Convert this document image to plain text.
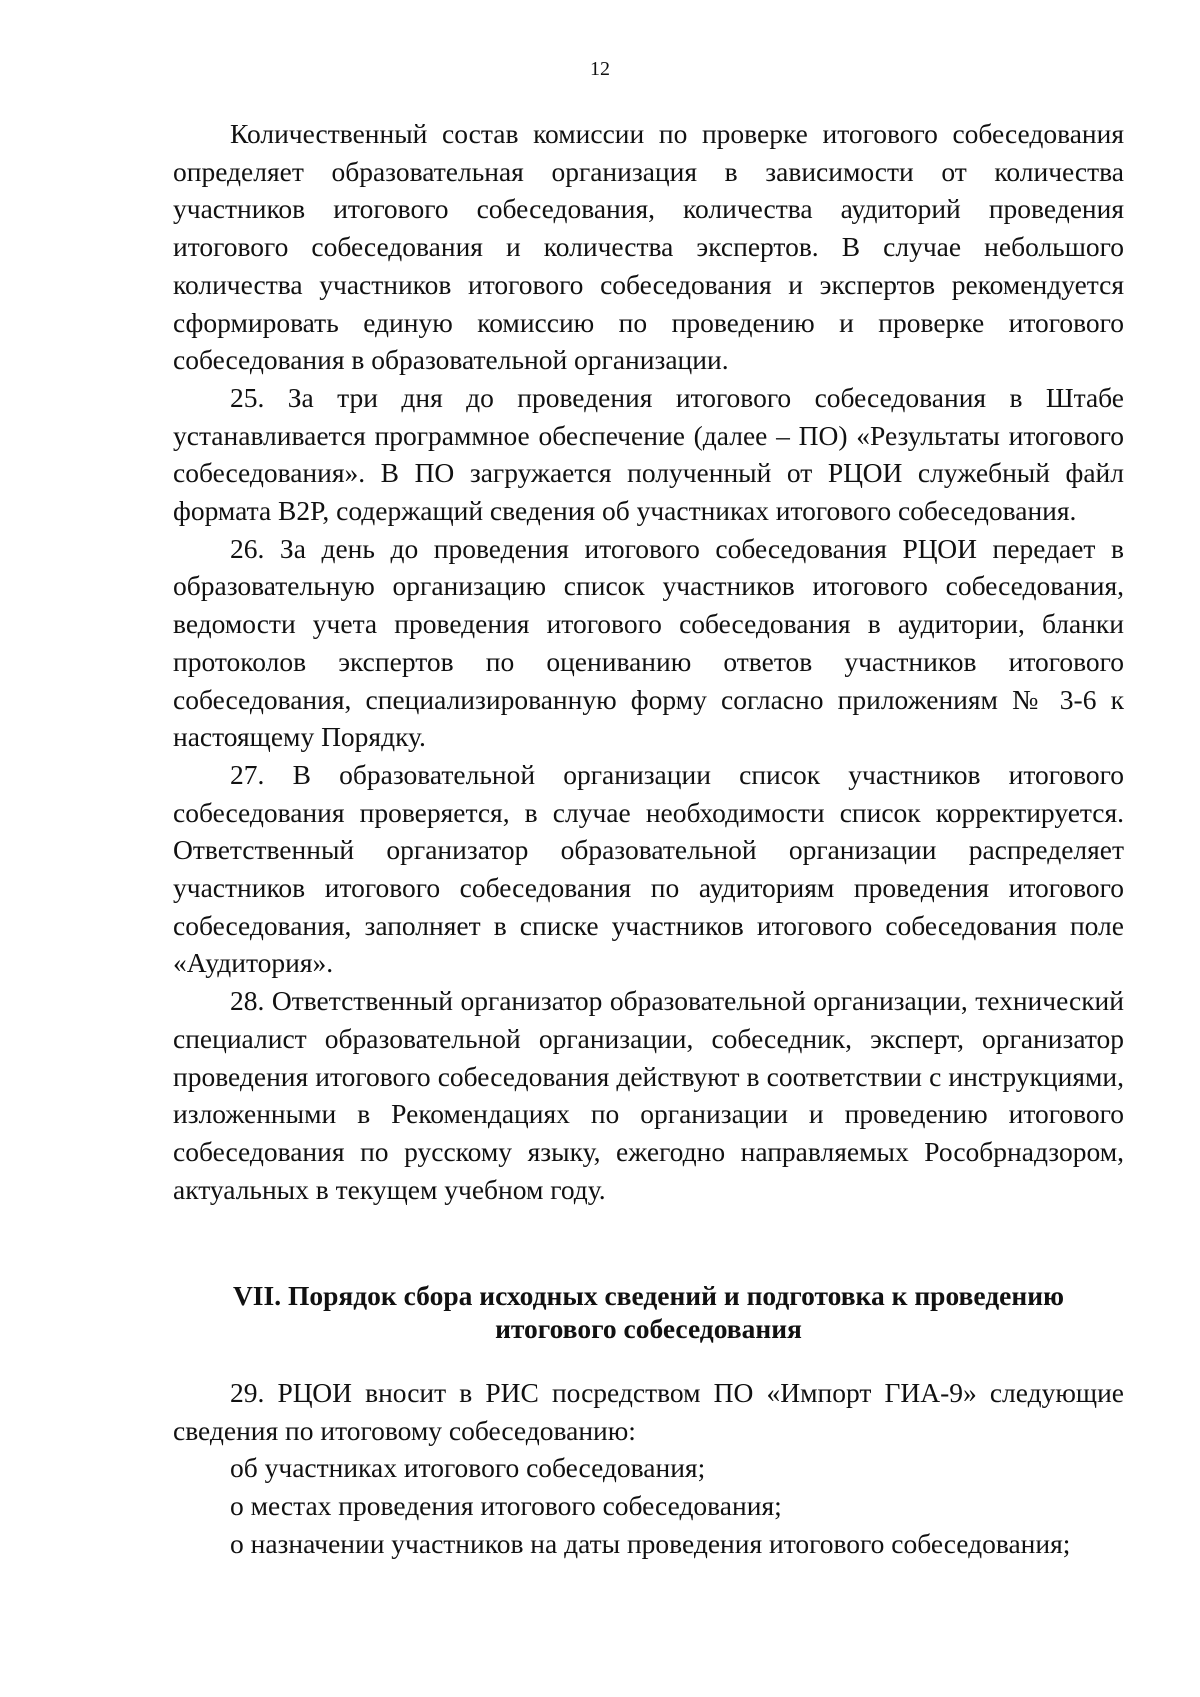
12

Количественный состав комиссии по проверке итогового собеседования определяет образовательная организация в зависимости от количества участников итогового собеседования, количества аудиторий проведения итогового собеседования и количества экспертов. В случае небольшого количества участников итогового собеседования и экспертов рекомендуется сформировать единую комиссию по проведению и проверке итогового собеседования в образовательной организации.

25. За три дня до проведения итогового собеседования в Штабе устанавливается программное обеспечение (далее – ПО) «Результаты итогового собеседования». В ПО загружается полученный от РЦОИ служебный файл формата B2P, содержащий сведения об участниках итогового собеседования.

26. За день до проведения итогового собеседования РЦОИ передает в образовательную организацию список участников итогового собеседования, ведомости учета проведения итогового собеседования в аудитории, бланки протоколов экспертов по оцениванию ответов участников итогового собеседования, специализированную форму согласно приложениям № 3-6 к настоящему Порядку.

27. В образовательной организации список участников итогового собеседования проверяется, в случае необходимости список корректируется. Ответственный организатор образовательной организации распределяет участников итогового собеседования по аудиториям проведения итогового собеседования, заполняет в списке участников итогового собеседования поле «Аудитория».

28. Ответственный организатор образовательной организации, технический специалист образовательной организации, собеседник, эксперт, организатор проведения итогового собеседования действуют в соответствии с инструкциями, изложенными в Рекомендациях по организации и проведению итогового собеседования по русскому языку, ежегодно направляемых Рособрнадзором, актуальных в текущем учебном году.

VII. Порядок сбора исходных сведений и подготовка к проведению
итогового собеседования

29. РЦОИ вносит в РИС посредством ПО «Импорт ГИА-9» следующие сведения по итоговому собеседованию:

об участниках итогового собеседования;

о местах проведения итогового собеседования;

о назначении участников на даты проведения итогового собеседования;
